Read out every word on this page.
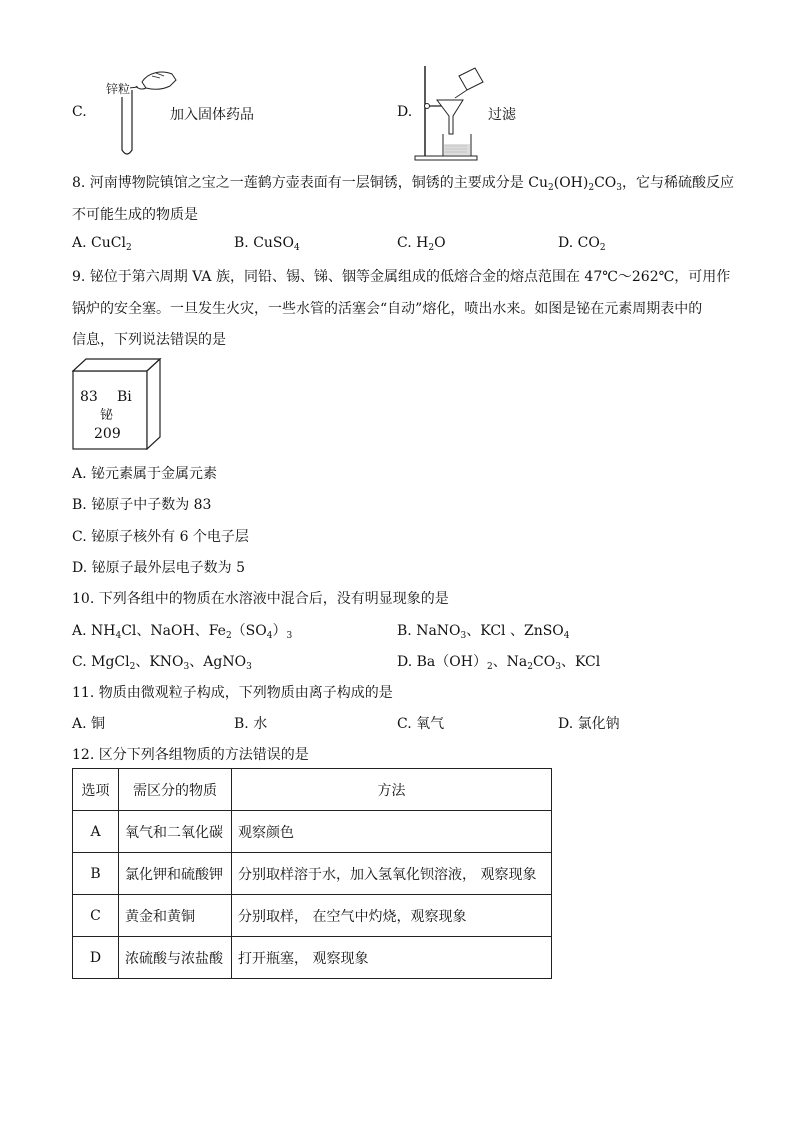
C.
锌粒
加入固体药品	D.	过滤
8. 河南博物院镇馆之宝之一莲鹤方壶表面有一层铜锈，铜锈的主要成分是 $Cu_2(OH)_2CO_3$，它与稀硫酸反应
不可能生成的物质是
A. CuCl$_2$	B. CuSO$_4$	C. $H_2O$	D. $CO_2$
9. 铋位于第六周期 VA 族，同铅、锡、锑、铟等金属组成的低熔合金的熔点范围在 47℃～262℃，可用作
锅炉的安全塞。一旦发生火灾，一些水管的活塞会“自动”熔化，喷出水来。如图是铋在元素周期表中的
信息，下列说法错误的是
83 Bi
铋
209
A. 铋元素属于金属元素
B. 铋原子中子数为 83
C. 铋原子核外有 6 个电子层
D. 铋原子最外层电子数为 5
10. 下列各组中的物质在水溶液中混合后，没有明显现象的是
A. $NH_4Cl$、NaOH、$Fe_2(SO_4)_3$	B. NaNO$_3$、KCl 、ZnSO$_4$
C. MgCl$_2$、$KNO_3$、AgNO$_3$	D. $Ba(OH)_2$、$Na_2CO_3$、KCl
11. 物质由微观粒子构成，下列物质由离子构成的是
A. 铜	B. 水	C. 氧气	D. 氯化钠
12. 区分下列各组物质的方法错误的是
选项	需区分的物质	方法
A	氧气和二氧化碳	观察颜色
B	氯化钾和硫酸钾	分别取样溶于水，加入氢氧化钡溶液， 观察现象
C	黄金和黄铜	分别取样， 在空气中灼烧，观察现象
D	浓硫酸与浓盐酸	打开瓶塞， 观察现象
